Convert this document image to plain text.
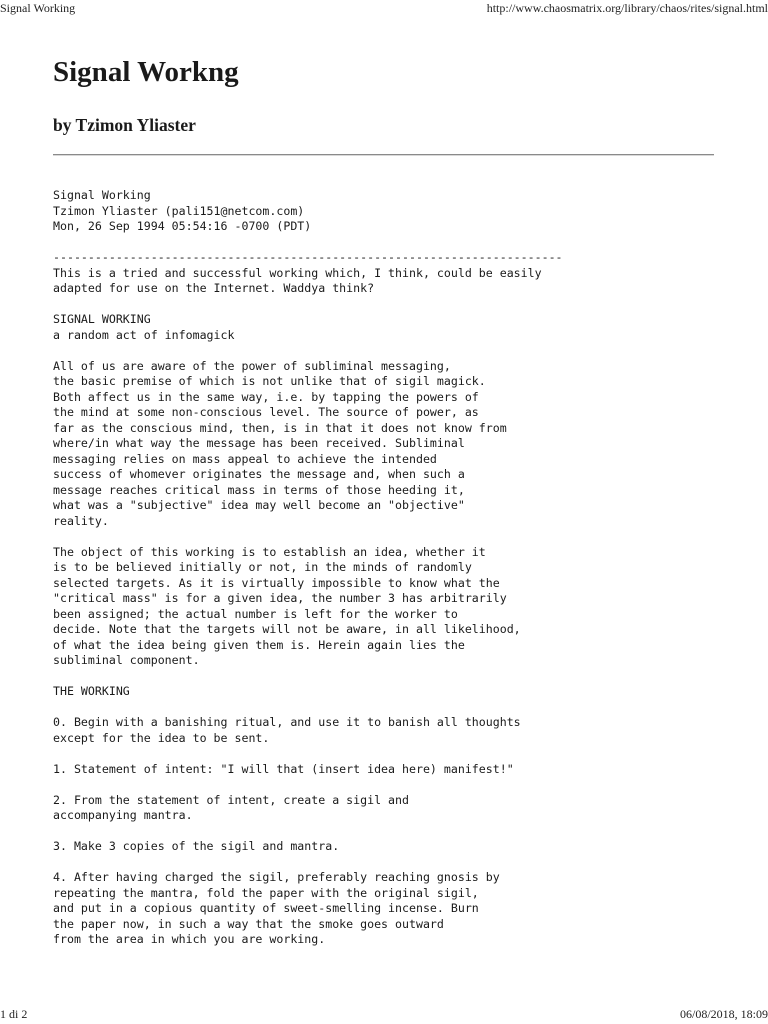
Signal Working	http://www.chaosmatrix.org/library/chaos/rites/signal.html
Signal Workng
by Tzimon Yliaster
Signal Working
Tzimon Yliaster (pali151@netcom.com)
Mon, 26 Sep 1994 05:54:16 -0700 (PDT)

-------------------------------------------------------------------------
This is a tried and successful working which, I think, could be easily
adapted for use on the Internet. Waddya think?

SIGNAL WORKING
a random act of infomagick

All of us are aware of the power of subliminal messaging,
the basic premise of which is not unlike that of sigil magick.
Both affect us in the same way, i.e. by tapping the powers of
the mind at some non-conscious level. The source of power, as
far as the conscious mind, then, is in that it does not know from
where/in what way the message has been received. Subliminal
messaging relies on mass appeal to achieve the intended
success of whomever originates the message and, when such a
message reaches critical mass in terms of those heeding it,
what was a "subjective" idea may well become an "objective"
reality.

The object of this working is to establish an idea, whether it
is to be believed initially or not, in the minds of randomly
selected targets. As it is virtually impossible to know what the
"critical mass" is for a given idea, the number 3 has arbitrarily
been assigned; the actual number is left for the worker to
decide. Note that the targets will not be aware, in all likelihood,
of what the idea being given them is. Herein again lies the
subliminal component.

THE WORKING

0. Begin with a banishing ritual, and use it to banish all thoughts
except for the idea to be sent.

1. Statement of intent: "I will that (insert idea here) manifest!"

2. From the statement of intent, create a sigil and
accompanying mantra.

3. Make 3 copies of the sigil and mantra.

4. After having charged the sigil, preferably reaching gnosis by
repeating the mantra, fold the paper with the original sigil,
and put in a copious quantity of sweet-smelling incense. Burn
the paper now, in such a way that the smoke goes outward
from the area in which you are working.
1 di 2	06/08/2018, 18:09
